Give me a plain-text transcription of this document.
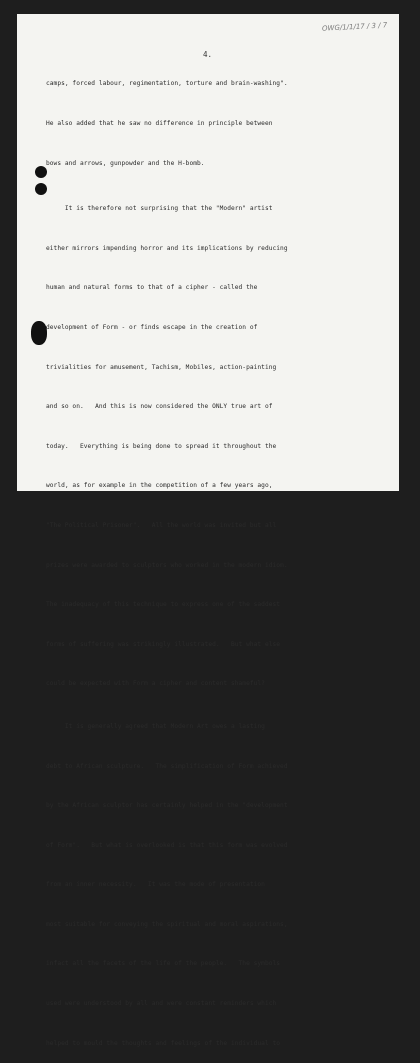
OWG/1/1/17 / 3 / 7
4.

camps, forced labour, regimentation, torture and brain-washing".

He also added that he saw no difference in principle between

bows and arrows, gunpowder and the H-bomb.

It is therefore not surprising that the "Modern" artist

either mirrors impending horror and its implications by reducing

human and natural forms to that of a cipher - called the

development of Form - or finds escape in the creation of

trivialities for amusement, Tachism, Mobiles, action-painting

and so on.   And this is now considered the ONLY true art of

today.   Everything is being done to spread it throughout the

world, as for example in the competition of a few years ago,

"The Political Prisoner".   All the world was invited but all

prizes were awarded to sculptors who worked in the modern idiom.

The inadequacy of this technique to express one of the saddest

forms of suffering was strikingly illustrated.   But what else

could be expected with Form a cipher and content shameful?

It is generally agreed that Modern Art owes a lasting

debt to African sculpture.   The simplification of Form achieved

by the African sculptor has certainly helped in the "development

of Form".   But what is overlooked is that this form was evolved

from an inner necessity.   It was the mode of presentation

most suitable for conveying the spiritual and moral aspirations,

infact all the facets of the life of the people.   The symbols

used were understood by all and were constant reminders which

helped to mould the thoughts and feelings of the individual to
